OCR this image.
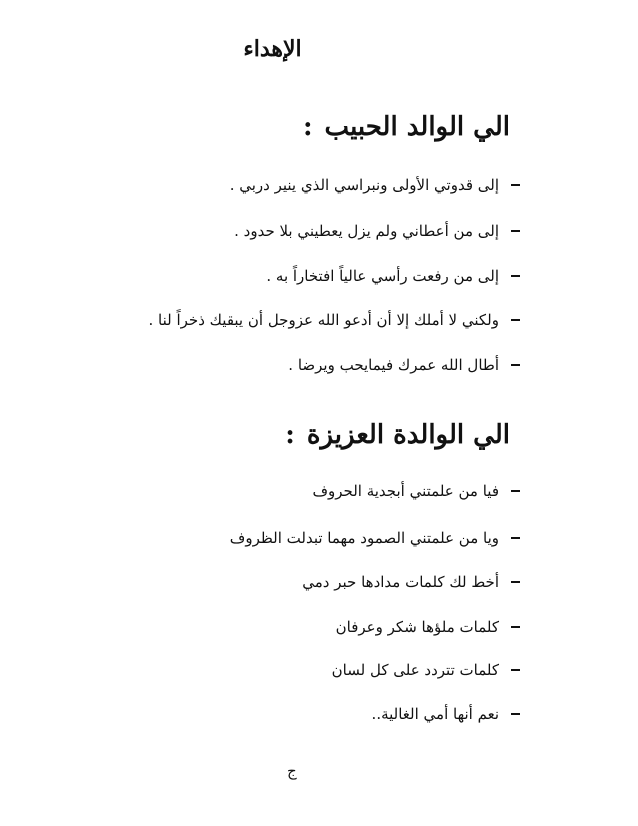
الإهداء
الي الوالد الحبيب:
إلى قدوتي الأولى ونبراسي الذي ينير دربي .
إلى من أعطاني ولم يزل يعطيني بلا حدود .
إلى من رفعت رأسي عالياً افتخاراً به .
ولكني لا أملك إلا أن أدعو الله عزوجل أن يبقيك ذخراً لنا .
أطال الله عمرك فيمايحب ويرضا .
الي الوالدة العزيزة:
فيا من علمتني أبجدية الحروف
ويا من علمتني الصمود مهما تبدلت الظروف
أخط لك كلمات مدادها حبر دمي
كلمات ملؤها شكر وعرفان
كلمات تتردد على كل لسان
نعم أنها أمي الغالية..
ج
